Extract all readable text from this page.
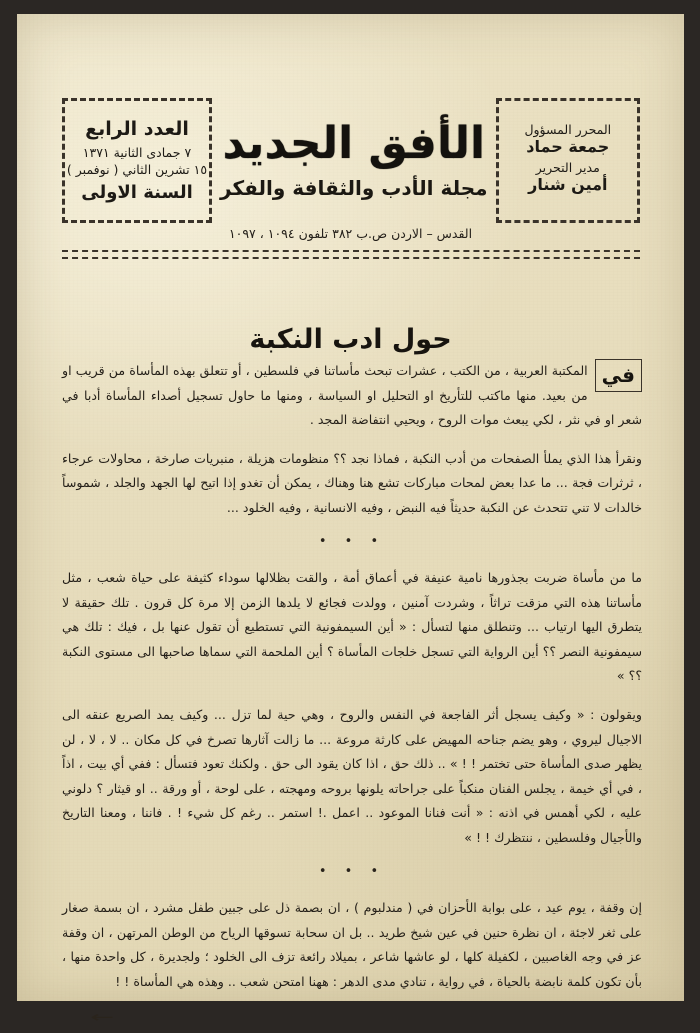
المحرر المسؤول
جمعة حماد
مدير التحرير
أمين شنار
الأفق الجديد
مجلة الأدب والثقافة والفكر
العدد الرابع
٧ جمادى الثانية ١٣٧١
١٥ تشرين الثاني ( نوفمبر )
السنة الاولى
القدس – الاردن ص.ب ٣٨٢ تلفون ١٠٩٤ ، ١٠٩٧
حول ادب النكبة

في
المكتبة العربية ، من الكتب ، عشرات تبحث مأساتنا في فلسطين ، أو تتعلق بهذه المأساة من قريب او من بعيد. منها ماكتب للتأريخ او التحليل او السياسة ، ومنها ما حاول تسجيل أصداء المأساة أدبا في شعر او في نثر ، لكي يبعث موات الروح ، ويحيي انتفاضة المجد .

ونقرأ هذا الذي يملأ الصفحات من أدب النكبة ، فماذا نجد ؟؟ منظومات هزيلة ، منبريات صارخة ، محاولات عرجاء ، ثرثرات فجة ... ما عدا بعض لمحات مباركات تشع هنا وهناك ، يمكن أن تغدو إذا اتيح لها الجهد والجلد ، شموساً خالدات لا تني تتحدث عن النكبة حديثاً فيه النبض ، وفيه الانسانية ، وفيه الخلود ...

• • •

ما من مأساة ضربت بجذورها نامية عنيفة في أعماق أمة ، والقت بظلالها سوداء كثيفة على حياة شعب ، مثل مأساتنا هذه التي مزقت تراثاً ، وشردت آمنين ، وولدت فجائع لا يلدها الزمن إلا مرة كل قرون . تلك حقيقة لا يتطرق اليها ارتياب ... وتنطلق منها لتسأل : « أين السيمفونية التي تستطيع أن تقول عنها بل ، فيك : تلك هي سيمفونية النصر ؟؟ أين الرواية التي تسجل خلجات المأساة ؟ أين الملحمة التي سماها صاحبها الى مستوى النكبة ؟؟ »

ويقولون : « وكيف يسجل أثر الفاجعة في النفس والروح ، وهي حية لما تزل ... وكيف يمد الصريع عنقه الى الاجيال ليروي ، وهو يضم جناحه المهيض على كارثة مروعة ... ما زالت آثارها تصرخ في كل مكان .. لا ، لا ، لن يظهر صدى المأساة حتى تختمر ! ! » .. ذلك حق ، اذا كان يقود الى حق . ولكنك تعود فتسأل : ففي أي بيت ، اذاً ، في أي خيمة ، يجلس الفنان منكباً على جراحاته يلونها بروحه ومهجته ، على لوحة ، أو ورقة .. او قيثار ؟ دلوني عليه ، لكي أهمس في اذنه : « أنت فنانا الموعود .. اعمل .! استمر .. رغم كل شيء ! . فاننا ، ومعنا التاريخ والأجيال وفلسطين ، ننتظرك ! ! »

• • •

إن وقفة ، يوم عيد ، على بوابة الأحزان في ( مندلبوم ) ، ان بصمة ذل على جبين طفل مشرد ، ان بسمة صغار على ثغر لاجئة ، ان نظرة حنين في عين شيخ طريد .. بل ان سحابة تسوقها الرياح من الوطن المرتهن ، ان وقفة عز في وجه الغاصبين ، لكفيلة كلها ، لو عاشها شاعر ، بميلاد رائعة تزف الى الخلود ؛ ولجديرة ، كل واحدة منها ، بأن تكون كلمة نابضة بالحياة ، في رواية ، تنادي مدى الدهر : ههنا امتحن شعب .. وهذه هي المأساة ! !

←
